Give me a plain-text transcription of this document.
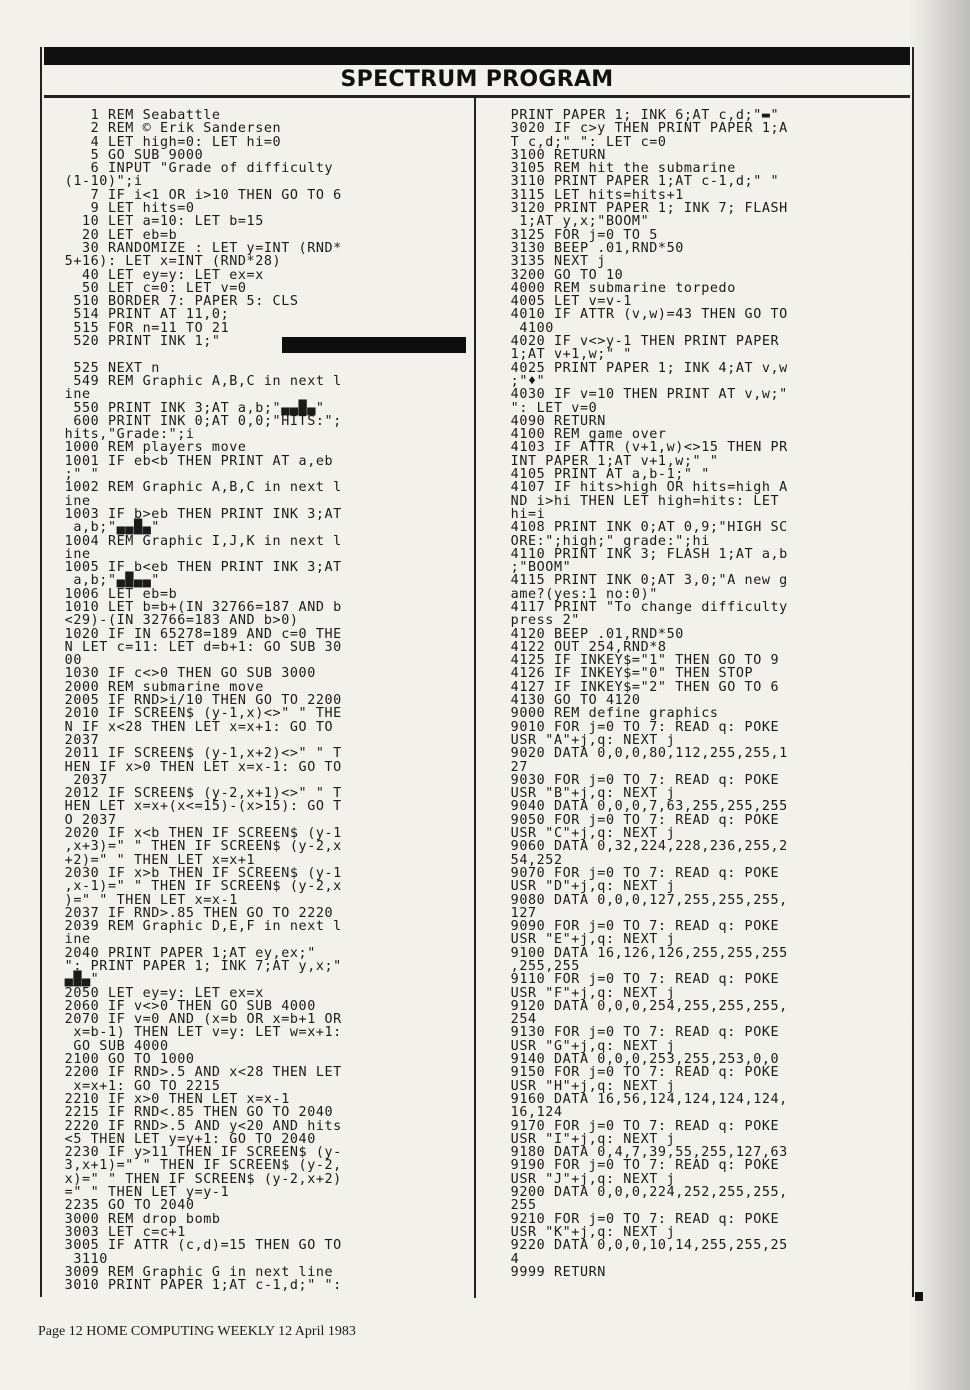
SPECTRUM PROGRAM
1 REM Seabattle
2 REM © Erik Sandersen
4 LET high=0: LET hi=0
5 GO SUB 9000
6 INPUT "Grade of difficulty
(1-10)";i
7 IF i<1 OR i>10 THEN GO TO 6
9 LET hits=0
10 LET a=10: LET b=15
20 LET eb=b
30 RANDOMIZE : LET y=INT (RND*
5+16): LET x=INT (RND*28)
40 LET ey=y: LET ex=x
50 LET c=0: LET v=0
510 BORDER 7: PAPER 5: CLS
514 PRINT AT 11,0;
515 FOR n=11 TO 21
520 PRINT INK 1;"

525 NEXT n
549 REM Graphic A,B,C in next l
ine
550 PRINT INK 3;AT a,b;"▄▄█▄"
600 PRINT INK 0;AT 0,0;"HITS:";
hits,"Grade:";i
1000 REM players move
1001 IF eb<b THEN PRINT AT a,eb
;" "
1002 REM Graphic A,B,C in next l
ine
1003 IF b>eb THEN PRINT INK 3;AT
a,b;"▄▄█▄"
1004 REM Graphic I,J,K in next l
ine
1005 IF b<eb THEN PRINT INK 3;AT
a,b;"▄█▄▄"
1006 LET eb=b
1010 LET b=b+(IN 32766=187 AND b
<29)-(IN 32766=183 AND b>0)
1020 IF IN 65278=189 AND c=0 THE
N LET c=11: LET d=b+1: GO SUB 30
00
1030 IF c<>0 THEN GO SUB 3000
2000 REM submarine move
2005 IF RND>i/10 THEN GO TO 2200
2010 IF SCREEN$ (y-1,x)<>" " THE
N IF x<28 THEN LET x=x+1: GO TO
2037
2011 IF SCREEN$ (y-1,x+2)<>" " T
HEN IF x>0 THEN LET x=x-1: GO TO
2037
2012 IF SCREEN$ (y-2,x+1)<>" " T
HEN LET x=x+(x<=15)-(x>15): GO T
O 2037
2020 IF x<b THEN IF SCREEN$ (y-1
,x+3)=" " THEN IF SCREEN$ (y-2,x
+2)=" " THEN LET x=x+1
2030 IF x>b THEN IF SCREEN$ (y-1
,x-1)=" " THEN IF SCREEN$ (y-2,x
)=" " THEN LET x=x-1
2037 IF RND>.85 THEN GO TO 2220
2039 REM Graphic D,E,F in next l
ine
2040 PRINT PAPER 1;AT ey,ex;"
": PRINT PAPER 1; INK 7;AT y,x;"
▄█▄"
2050 LET ey=y: LET ex=x
2060 IF v<>0 THEN GO SUB 4000
2070 IF v=0 AND (x=b OR x=b+1 OR
x=b-1) THEN LET v=y: LET w=x+1:
GO SUB 4000
2100 GO TO 1000
2200 IF RND>.5 AND x<28 THEN LET
x=x+1: GO TO 2215
2210 IF x>0 THEN LET x=x-1
2215 IF RND<.85 THEN GO TO 2040
2220 IF RND>.5 AND y<20 AND hits
<5 THEN LET y=y+1: GO TO 2040
2230 IF y>11 THEN IF SCREEN$ (y-
3,x+1)=" " THEN IF SCREEN$ (y-2,
x)=" " THEN IF SCREEN$ (y-2,x+2)
=" " THEN LET y=y-1
2235 GO TO 2040
3000 REM drop bomb
3003 LET c=c+1
3005 IF ATTR (c,d)=15 THEN GO TO
3110
3009 REM Graphic G in next line
3010 PRINT PAPER 1;AT c-1,d;" ":
PRINT PAPER 1; INK 6;AT c,d;"▬"
3020 IF c>y THEN PRINT PAPER 1;A
T c,d;" ": LET c=0
3100 RETURN
3105 REM hit the submarine
3110 PRINT PAPER 1;AT c-1,d;" "
3115 LET hits=hits+1
3120 PRINT PAPER 1; INK 7; FLASH
1;AT y,x;"BOOM"
3125 FOR j=0 TO 5
3130 BEEP .01,RND*50
3135 NEXT j
3200 GO TO 10
4000 REM submarine torpedo
4005 LET v=v-1
4010 IF ATTR (v,w)=43 THEN GO TO
4100
4020 IF v<>y-1 THEN PRINT PAPER
1;AT v+1,w;" "
4025 PRINT PAPER 1; INK 4;AT v,w
;"♦"
4030 IF v=10 THEN PRINT AT v,w;"
": LET v=0
4090 RETURN
4100 REM game over
4103 IF ATTR (v+1,w)<>15 THEN PR
INT PAPER 1;AT v+1,w;" "
4105 PRINT AT a,b-1;" "
4107 IF hits>high OR hits=high A
ND i>hi THEN LET high=hits: LET
hi=i
4108 PRINT INK 0;AT 0,9;"HIGH SC
ORE:";high;" grade:";hi
4110 PRINT INK 3; FLASH 1;AT a,b
;"BOOM"
4115 PRINT INK 0;AT 3,0;"A new g
ame?(yes:1 no:0)"
4117 PRINT "To change difficulty
press 2"
4120 BEEP .01,RND*50
4122 OUT 254,RND*8
4125 IF INKEY$="1" THEN GO TO 9
4126 IF INKEY$="0" THEN STOP
4127 IF INKEY$="2" THEN GO TO 6
4130 GO TO 4120
9000 REM define graphics
9010 FOR j=0 TO 7: READ q: POKE
USR "A"+j,q: NEXT j
9020 DATA 0,0,0,80,112,255,255,1
27
9030 FOR j=0 TO 7: READ q: POKE
USR "B"+j,q: NEXT j
9040 DATA 0,0,0,7,63,255,255,255
9050 FOR j=0 TO 7: READ q: POKE
USR "C"+j,q: NEXT j
9060 DATA 0,32,224,228,236,255,2
54,252
9070 FOR j=0 TO 7: READ q: POKE
USR "D"+j,q: NEXT j
9080 DATA 0,0,0,127,255,255,255,
127
9090 FOR j=0 TO 7: READ q: POKE
USR "E"+j,q: NEXT j
9100 DATA 16,126,126,255,255,255
,255,255
9110 FOR j=0 TO 7: READ q: POKE
USR "F"+j,q: NEXT j
9120 DATA 0,0,0,254,255,255,255,
254
9130 FOR j=0 TO 7: READ q: POKE
USR "G"+j,q: NEXT j
9140 DATA 0,0,0,253,255,253,0,0
9150 FOR j=0 TO 7: READ q: POKE
USR "H"+j,q: NEXT j
9160 DATA 16,56,124,124,124,124,
16,124
9170 FOR j=0 TO 7: READ q: POKE
USR "I"+j,q: NEXT j
9180 DATA 0,4,7,39,55,255,127,63
9190 FOR j=0 TO 7: READ q: POKE
USR "J"+j,q: NEXT j
9200 DATA 0,0,0,224,252,255,255,
255
9210 FOR j=0 TO 7: READ q: POKE
USR "K"+j,q: NEXT j
9220 DATA 0,0,0,10,14,255,255,25
4
9999 RETURN
Page 12 HOME COMPUTING WEEKLY 12 April 1983
